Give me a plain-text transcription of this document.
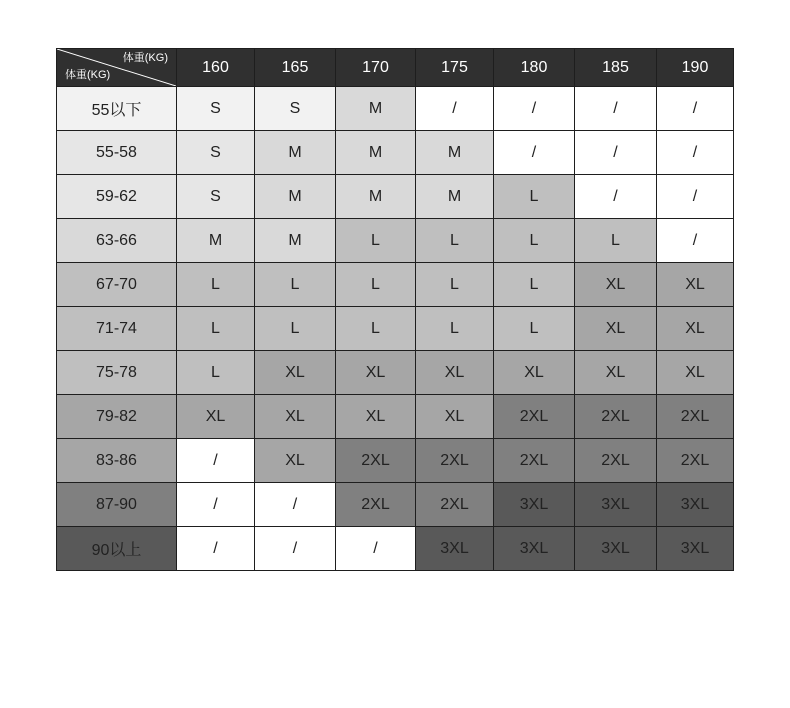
体重(KG)
体重(KG)	160	165	170	175	180	185	190
55以下	S	S	M	/	/	/	/
55-58	S	M	M	M	/	/	/
59-62	S	M	M	M	L	/	/
63-66	M	M	L	L	L	L	/
67-70	L	L	L	L	L	XL	XL
71-74	L	L	L	L	L	XL	XL
75-78	L	XL	XL	XL	XL	XL	XL
79-82	XL	XL	XL	XL	2XL	2XL	2XL
83-86	/	XL	2XL	2XL	2XL	2XL	2XL
87-90	/	/	2XL	2XL	3XL	3XL	3XL
90以上	/	/	/	3XL	3XL	3XL	3XL
